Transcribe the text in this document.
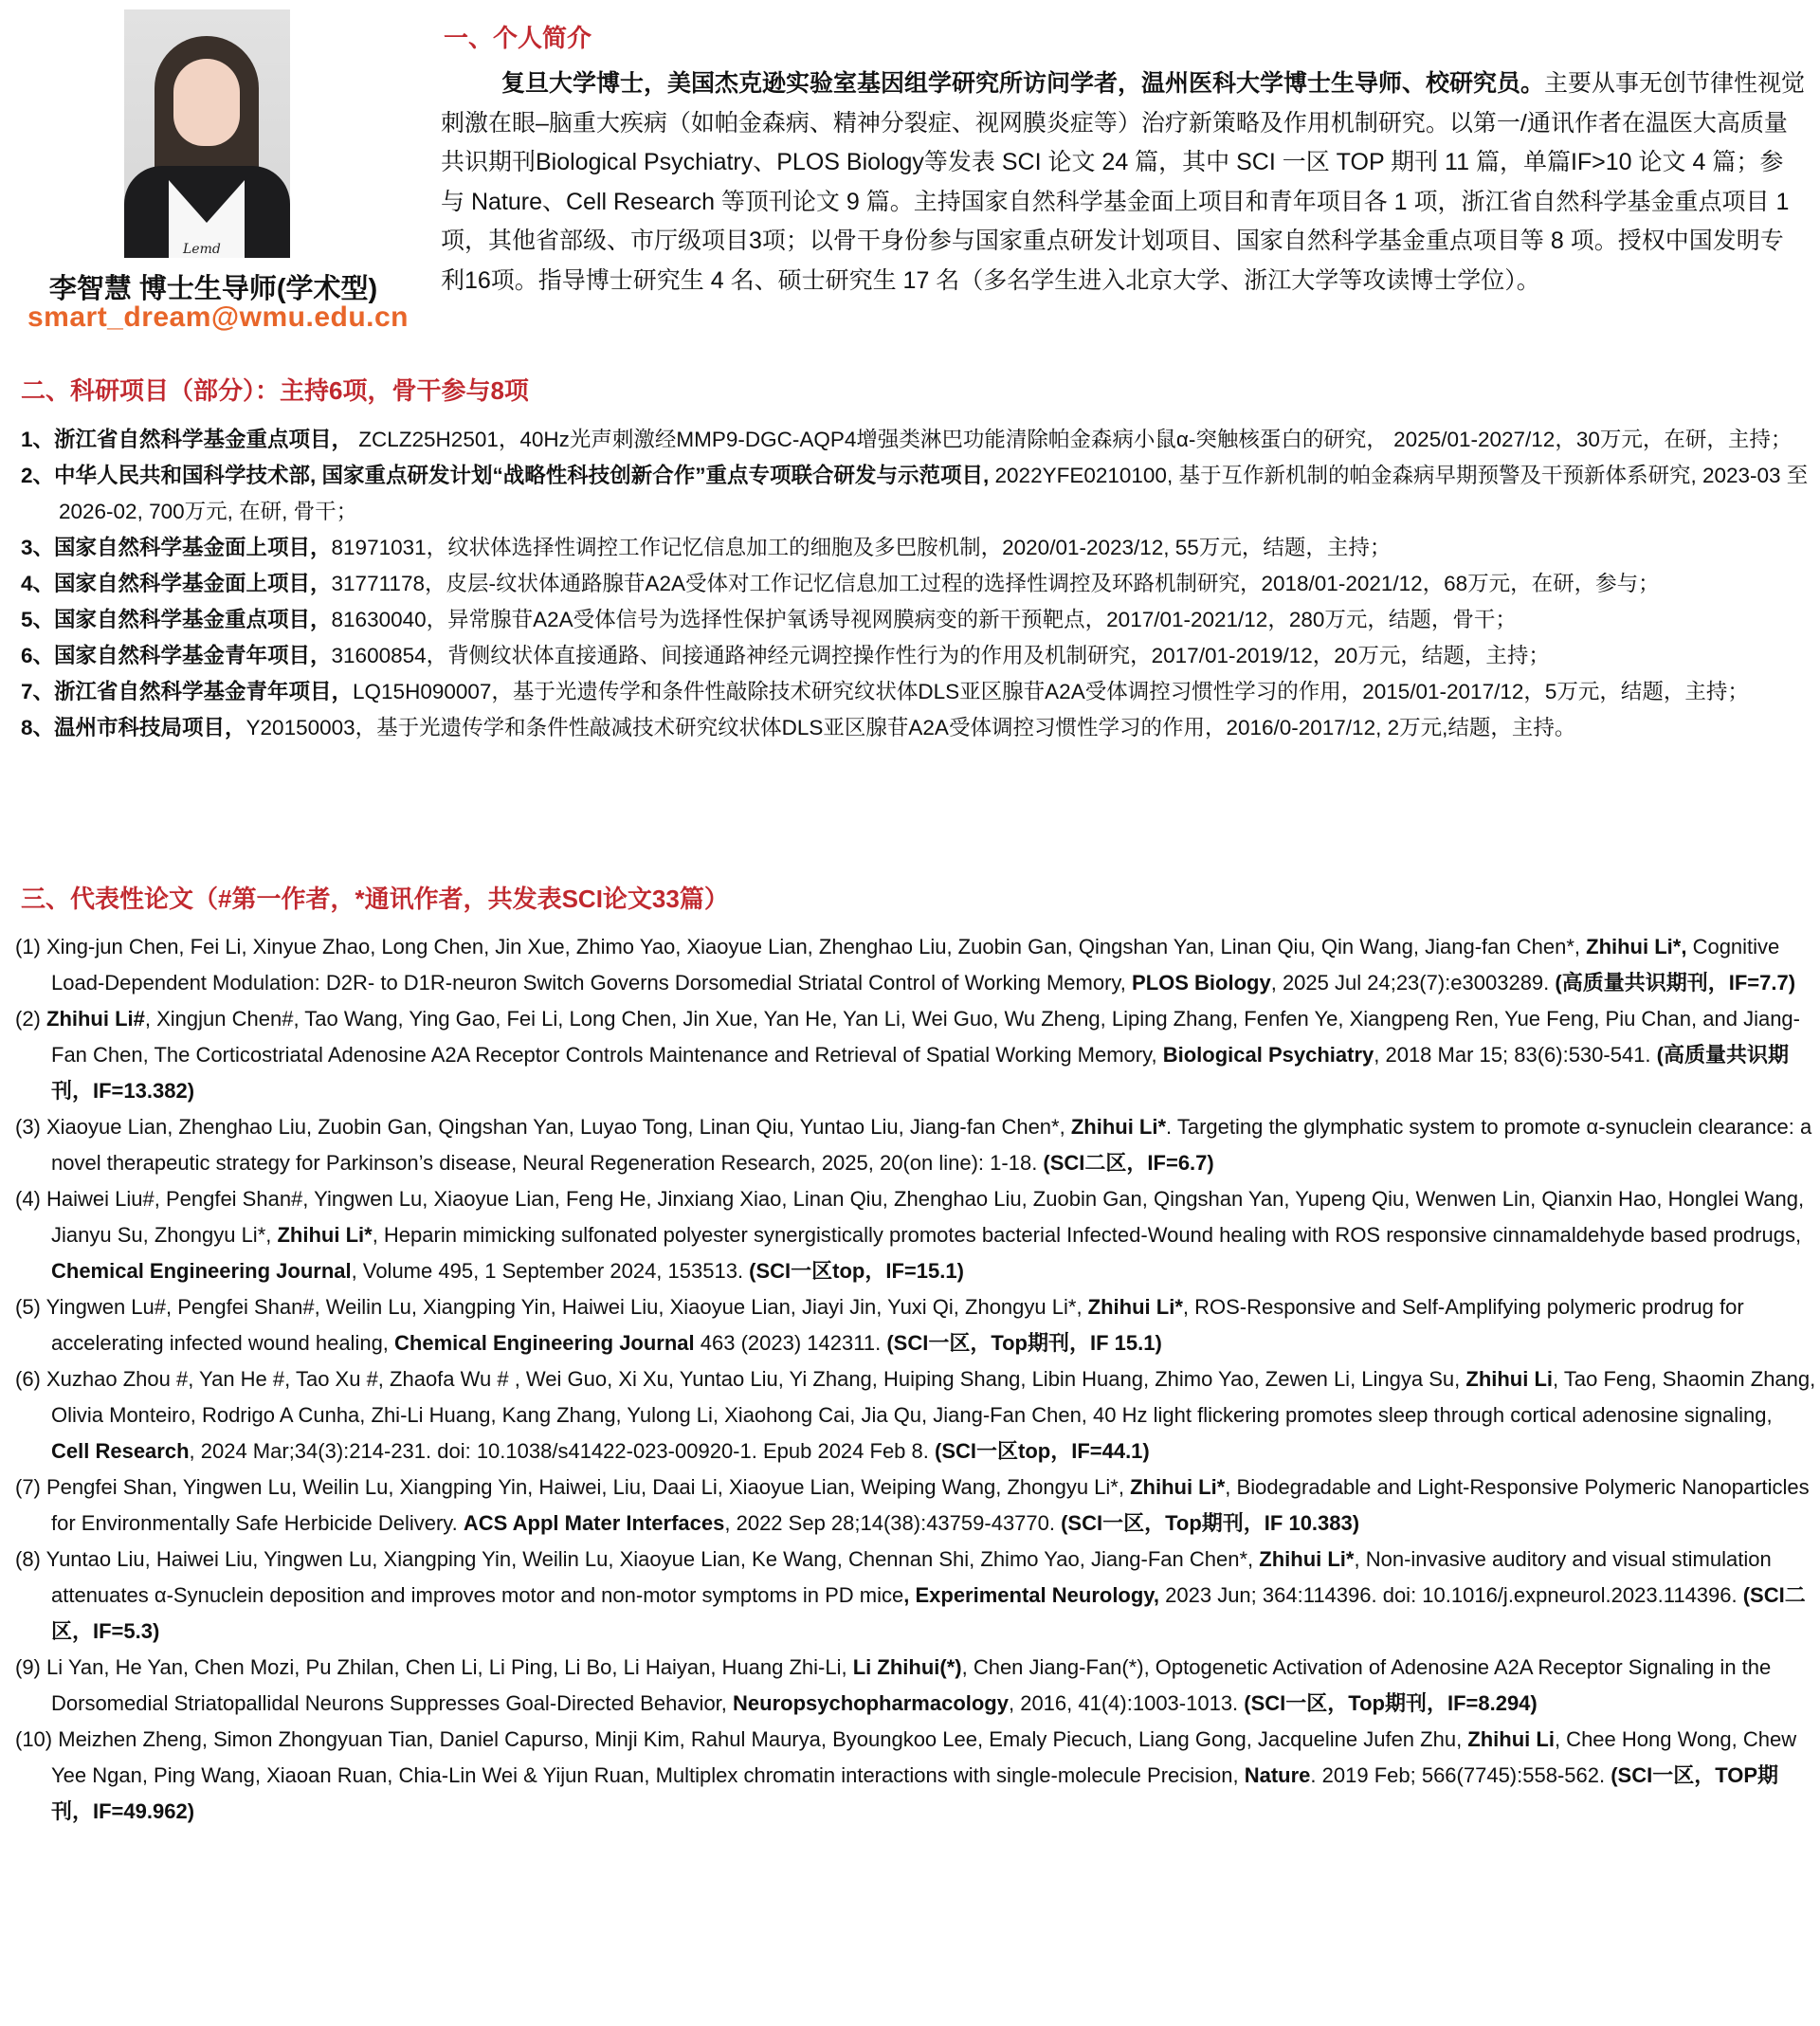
Lemd
李智慧 博士生导师(学术型)
smart_dream@wmu.edu.cn
一、个人简介
复旦大学博士，美国杰克逊实验室基因组学研究所访问学者，温州医科大学博士生导师、校研究员。主要从事无创节律性视觉刺激在眼–脑重大疾病（如帕金森病、精神分裂症、视网膜炎症等）治疗新策略及作用机制研究。以第一/通讯作者在温医大高质量共识期刊Biological Psychiatry、PLOS Biology等发表 SCI 论文 24 篇，其中 SCI 一区 TOP 期刊 11 篇，单篇IF>10 论文 4 篇；参与 Nature、Cell Research 等顶刊论文 9 篇。主持国家自然科学基金面上项目和青年项目各 1 项，浙江省自然科学基金重点项目 1 项，其他省部级、市厅级项目3项；以骨干身份参与国家重点研发计划项目、国家自然科学基金重点项目等 8 项。授权中国发明专利16项。指导博士研究生 4 名、硕士研究生 17 名（多名学生进入北京大学、浙江大学等攻读博士学位）。
二、科研项目（部分）：主持6项，骨干参与8项

1、浙江省自然科学基金重点项目， ZCLZ25H2501，40Hz光声刺激经MMP9-DGC-AQP4增强类淋巴功能清除帕金森病小鼠α-突触核蛋白的研究， 2025/01-2027/12，30万元，在研，主持；

2、中华人民共和国科学技术部, 国家重点研发计划“战略性科技创新合作”重点专项联合研发与示范项目, 2022YFE0210100, 基于互作新机制的帕金森病早期预警及干预新体系研究, 2023-03 至 2026-02, 700万元, 在研, 骨干；

3、国家自然科学基金面上项目，81971031，纹状体选择性调控工作记忆信息加工的细胞及多巴胺机制，2020/01-2023/12, 55万元，结题，主持；

4、国家自然科学基金面上项目，31771178，皮层-纹状体通路腺苷A2A受体对工作记忆信息加工过程的选择性调控及环路机制研究，2018/01-2021/12，68万元，在研，参与；

5、国家自然科学基金重点项目，81630040，异常腺苷A2A受体信号为选择性保护氧诱导视网膜病变的新干预靶点，2017/01-2021/12，280万元，结题，骨干；

6、国家自然科学基金青年项目，31600854，背侧纹状体直接通路、间接通路神经元调控操作性行为的作用及机制研究，2017/01-2019/12，20万元，结题，主持；

7、浙江省自然科学基金青年项目，LQ15H090007，基于光遗传学和条件性敲除技术研究纹状体DLS亚区腺苷A2A受体调控习惯性学习的作用，2015/01-2017/12，5万元，结题，主持；

8、温州市科技局项目，Y20150003，基于光遗传学和条件性敲减技术研究纹状体DLS亚区腺苷A2A受体调控习惯性学习的作用，2016/0-2017/12, 2万元,结题，主持。

三、代表性论文（#第一作者，*通讯作者，共发表SCI论文33篇）

(1) Xing-jun Chen, Fei Li, Xinyue Zhao, Long Chen, Jin Xue, Zhimo Yao, Xiaoyue Lian, Zhenghao Liu, Zuobin Gan, Qingshan Yan, Linan Qiu, Qin Wang, Jiang-fan Chen*, Zhihui Li*, Cognitive Load-Dependent Modulation: D2R- to D1R-neuron Switch Governs Dorsomedial Striatal Control of Working Memory, PLOS Biology, 2025 Jul 24;23(7):e3003289. (高质量共识期刊，IF=7.7)

(2) Zhihui Li#, Xingjun Chen#, Tao Wang, Ying Gao, Fei Li, Long Chen, Jin Xue, Yan He, Yan Li, Wei Guo, Wu Zheng, Liping Zhang, Fenfen Ye, Xiangpeng Ren, Yue Feng, Piu Chan, and Jiang-Fan Chen, The Corticostriatal Adenosine A2A Receptor Controls Maintenance and Retrieval of Spatial Working Memory, Biological Psychiatry, 2018 Mar 15; 83(6):530-541. (高质量共识期刊，IF=13.382)

(3) Xiaoyue Lian, Zhenghao Liu, Zuobin Gan, Qingshan Yan, Luyao Tong, Linan Qiu, Yuntao Liu, Jiang-fan Chen*, Zhihui Li*. Targeting the glymphatic system to promote α-synuclein clearance: a novel therapeutic strategy for Parkinson’s disease, Neural Regeneration Research, 2025, 20(on line): 1-18. (SCI二区，IF=6.7)

(4) Haiwei Liu#, Pengfei Shan#, Yingwen Lu, Xiaoyue Lian, Feng He, Jinxiang Xiao, Linan Qiu, Zhenghao Liu, Zuobin Gan, Qingshan Yan, Yupeng Qiu, Wenwen Lin, Qianxin Hao, Honglei Wang, Jianyu Su, Zhongyu Li*, Zhihui Li*, Heparin mimicking sulfonated polyester synergistically promotes bacterial Infected-Wound healing with ROS responsive cinnamaldehyde based prodrugs, Chemical Engineering Journal, Volume 495, 1 September 2024, 153513. (SCI一区top，IF=15.1)

(5) Yingwen Lu#, Pengfei Shan#, Weilin Lu, Xiangping Yin, Haiwei Liu, Xiaoyue Lian, Jiayi Jin, Yuxi Qi, Zhongyu Li*, Zhihui Li*, ROS-Responsive and Self-Amplifying polymeric prodrug for accelerating infected wound healing, Chemical Engineering Journal 463 (2023) 142311. (SCI一区，Top期刊，IF 15.1)

(6) Xuzhao Zhou #, Yan He #, Tao Xu #, Zhaofa Wu # , Wei Guo, Xi Xu, Yuntao Liu, Yi Zhang, Huiping Shang, Libin Huang, Zhimo Yao, Zewen Li, Lingya Su, Zhihui Li, Tao Feng, Shaomin Zhang, Olivia Monteiro, Rodrigo A Cunha, Zhi-Li Huang, Kang Zhang, Yulong Li, Xiaohong Cai, Jia Qu, Jiang-Fan Chen, 40 Hz light flickering promotes sleep through cortical adenosine signaling, Cell Research, 2024 Mar;34(3):214-231. doi: 10.1038/s41422-023-00920-1. Epub 2024 Feb 8. (SCI一区top，IF=44.1)

(7) Pengfei Shan, Yingwen Lu, Weilin Lu, Xiangping Yin, Haiwei, Liu, Daai Li, Xiaoyue Lian, Weiping Wang, Zhongyu Li*, Zhihui Li*, Biodegradable and Light-Responsive Polymeric Nanoparticles for Environmentally Safe Herbicide Delivery. ACS Appl Mater Interfaces, 2022 Sep 28;14(38):43759-43770. (SCI一区，Top期刊，IF 10.383)

(8) Yuntao Liu, Haiwei Liu, Yingwen Lu, Xiangping Yin, Weilin Lu, Xiaoyue Lian, Ke Wang, Chennan Shi, Zhimo Yao, Jiang-Fan Chen*, Zhihui Li*, Non-invasive auditory and visual stimulation attenuates α-Synuclein deposition and improves motor and non-motor symptoms in PD mice, Experimental Neurology, 2023 Jun; 364:114396. doi: 10.1016/j.expneurol.2023.114396. (SCI二区，IF=5.3)

(9) Li Yan, He Yan, Chen Mozi, Pu Zhilan, Chen Li, Li Ping, Li Bo, Li Haiyan, Huang Zhi-Li, Li Zhihui(*), Chen Jiang-Fan(*), Optogenetic Activation of Adenosine A2A Receptor Signaling in the Dorsomedial Striatopallidal Neurons Suppresses Goal-Directed Behavior, Neuropsychopharmacology, 2016, 41(4):1003-1013. (SCI一区，Top期刊，IF=8.294)

(10) Meizhen Zheng, Simon Zhongyuan Tian, Daniel Capurso, Minji Kim, Rahul Maurya, Byoungkoo Lee, Emaly Piecuch, Liang Gong, Jacqueline Jufen Zhu, Zhihui Li, Chee Hong Wong, Chew Yee Ngan, Ping Wang, Xiaoan Ruan, Chia-Lin Wei & Yijun Ruan, Multiplex chromatin interactions with single-molecule Precision, Nature. 2019 Feb; 566(7745):558-562. (SCI一区，TOP期刊，IF=49.962)
